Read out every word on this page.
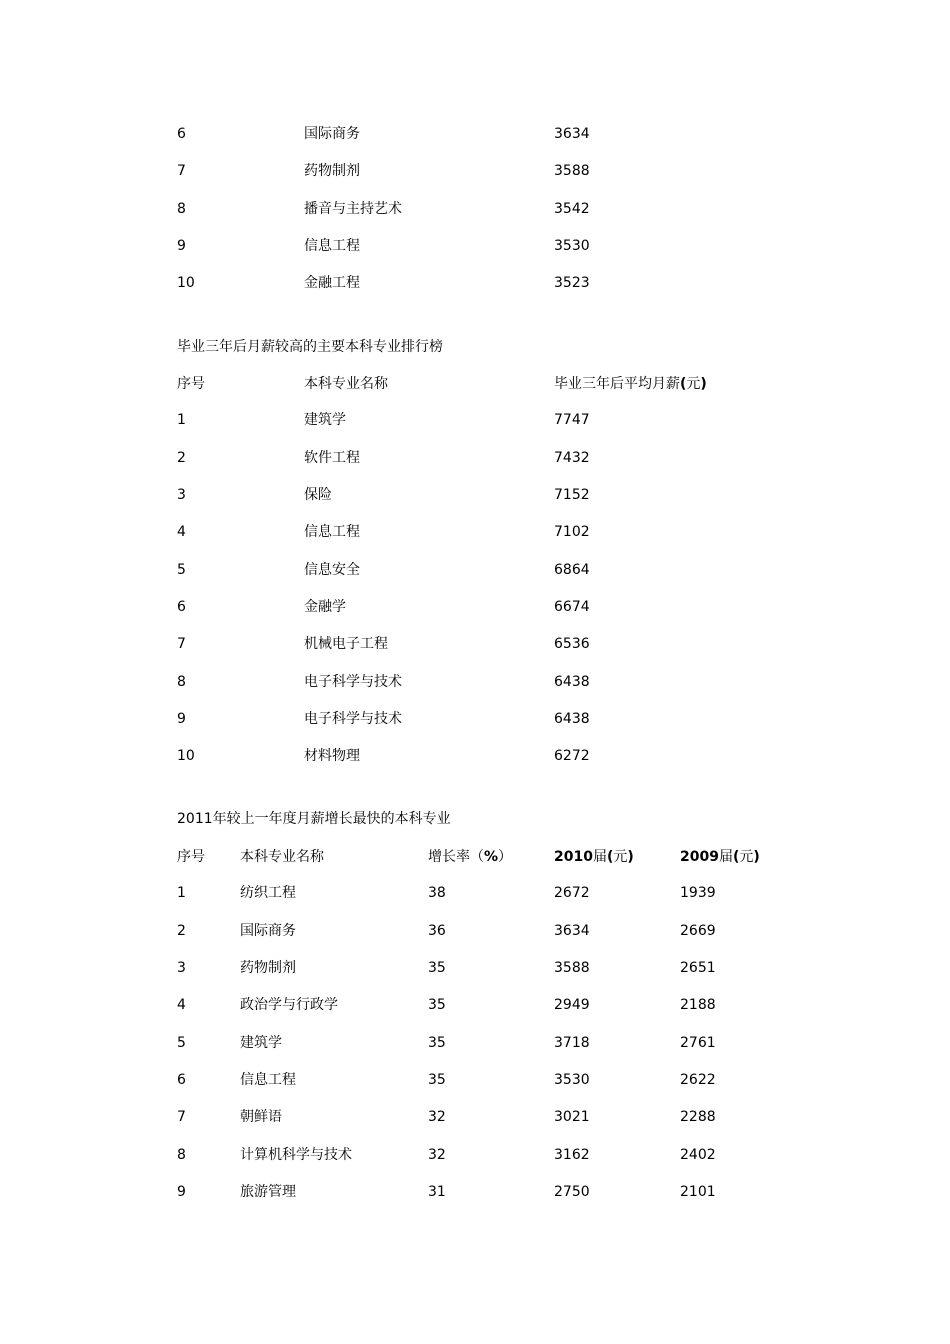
6	国际商务	3634
7	药物制剂	3588
8	播音与主持艺术	3542
9	信息工程	3530
10	金融工程	3523
毕业三年后月薪较高的主要本科专业排行榜
序号	本科专业名称	毕业三年后平均月薪(元)
1	建筑学	7747
2	软件工程	7432
3	保险	7152
4	信息工程	7102
5	信息安全	6864
6	金融学	6674
7	机械电子工程	6536
8	电子科学与技术	6438
9	电子科学与技术	6438
10	材料物理	6272
2011年较上一年度月薪增长最快的本科专业
序号	本科专业名称	增长率（%）	2010届(元)	2009届(元)
1	纺织工程	38	2672	1939
2	国际商务	36	3634	2669
3	药物制剂	35	3588	2651
4	政治学与行政学	35	2949	2188
5	建筑学	35	3718	2761
6	信息工程	35	3530	2622
7	朝鲜语	32	3021	2288
8	计算机科学与技术	32	3162	2402
9	旅游管理	31	2750	2101
